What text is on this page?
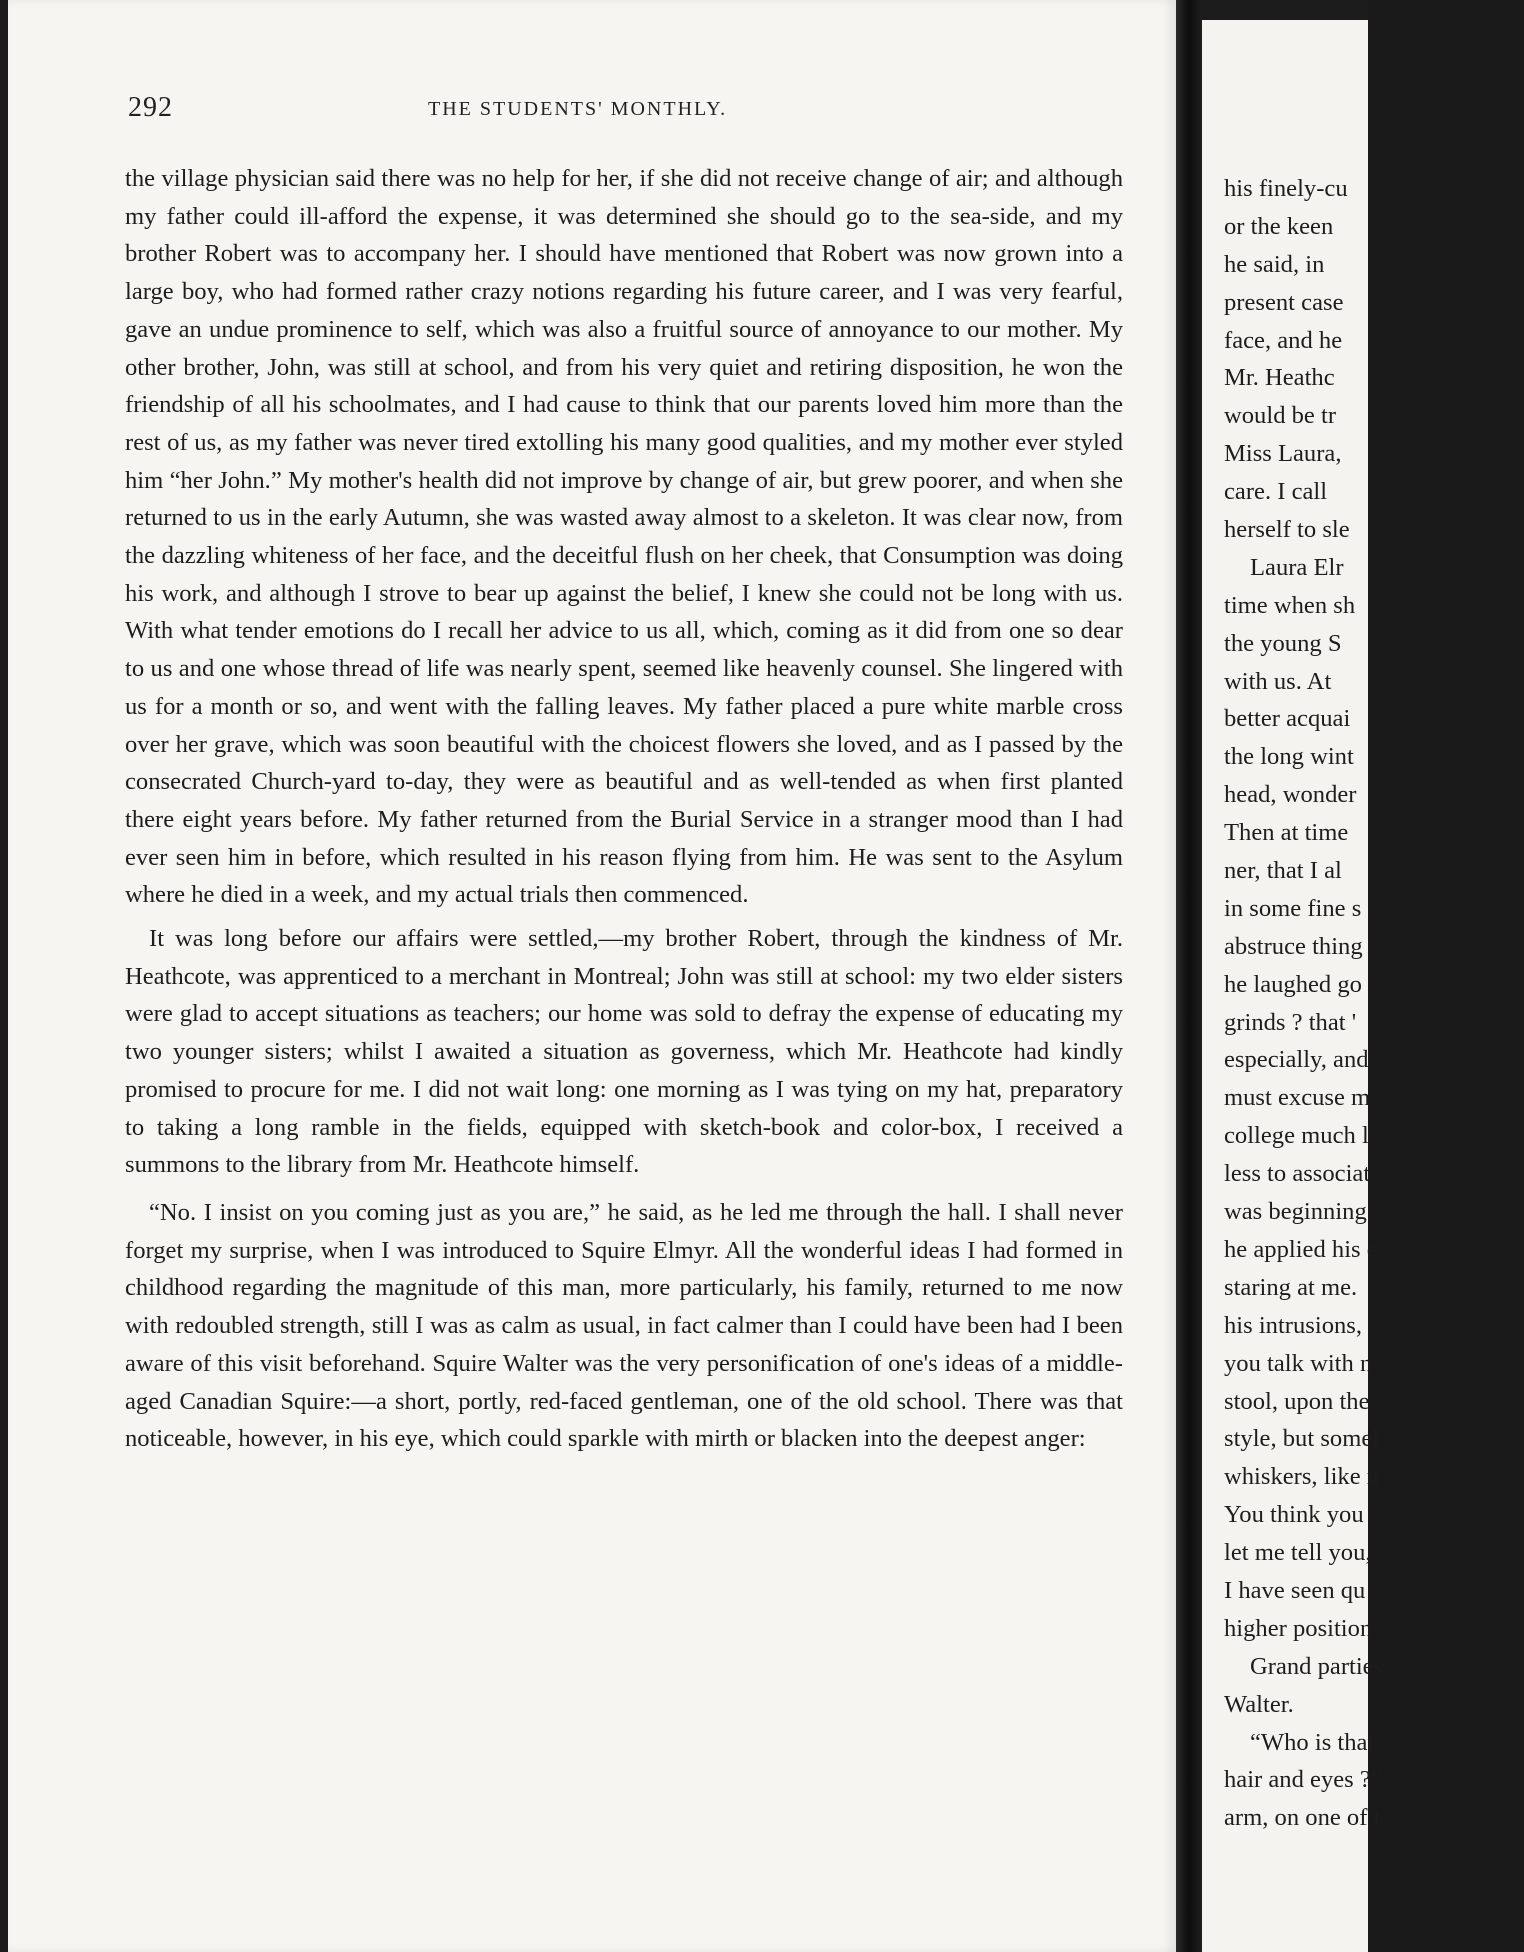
292	THE STUDENTS' MONTHLY.

the village physician said there was no help for her, if she did not receive change of air; and although my father could ill-afford the expense, it was determined she should go to the sea-side, and my brother Robert was to accompany her. I should have mentioned that Robert was now grown into a large boy, who had formed rather crazy notions regarding his future career, and I was very fearful, gave an undue prominence to self, which was also a fruitful source of annoyance to our mother. My other brother, John, was still at school, and from his very quiet and retiring disposition, he won the friendship of all his schoolmates, and I had cause to think that our parents loved him more than the rest of us, as my father was never tired extolling his many good qualities, and my mother ever styled him “her John.” My mother's health did not improve by change of air, but grew poorer, and when she returned to us in the early Autumn, she was wasted away almost to a skeleton. It was clear now, from the dazzling whiteness of her face, and the deceitful flush on her cheek, that Consumption was doing his work, and although I strove to bear up against the belief, I knew she could not be long with us. With what tender emotions do I recall her advice to us all, which, coming as it did from one so dear to us and one whose thread of life was nearly spent, seemed like heavenly counsel. She lingered with us for a month or so, and went with the falling leaves. My father placed a pure white marble cross over her grave, which was soon beautiful with the choicest flowers she loved, and as I passed by the consecrated Church-yard to-day, they were as beautiful and as well-tended as when first planted there eight years before. My father returned from the Burial Service in a stranger mood than I had ever seen him in before, which resulted in his reason flying from him. He was sent to the Asylum where he died in a week, and my actual trials then commenced.

It was long before our affairs were settled,—my brother Robert, through the kindness of Mr. Heathcote, was apprenticed to a merchant in Montreal; John was still at school: my two elder sisters were glad to accept situations as teachers; our home was sold to defray the expense of educating my two younger sisters; whilst I awaited a situation as governess, which Mr. Heathcote had kindly promised to procure for me. I did not wait long: one morning as I was tying on my hat, preparatory to taking a long ramble in the fields, equipped with sketch-book and color-box, I received a summons to the library from Mr. Heathcote himself.

“No. I insist on you coming just as you are,” he said, as he led me through the hall. I shall never forget my surprise, when I was introduced to Squire Elmyr. All the wonderful ideas I had formed in childhood regarding the magnitude of this man, more particularly, his family, returned to me now with redoubled strength, still I was as calm as usual, in fact calmer than I could have been had I been aware of this visit beforehand. Squire Walter was the very personification of one's ideas of a middle-aged Canadian Squire:—a short, portly, red-faced gentleman, one of the old school. There was that noticeable, however, in his eye, which could sparkle with mirth or blacken into the deepest anger:

his finely-cu
or the keen
he said, in
present case
face, and he
Mr. Heathc
would be tr
Miss Laura,
care. I call
herself to sle
Laura Elr
time when sh
the young S
with us. At
better acquai
the long wint
head, wonder
Then at time
ner, that I al
in some fine s
abstruce thing
he laughed go
grinds ? that '
especially, and
must excuse m
college much l
less to associat
was beginning
he applied his e
staring at me.
his intrusions,
you talk with n
stool, upon the
style, but somel
whiskers, like n
You think you
let me tell you,
I have seen qu
higher position
Grand parties
Walter.
“Who is that
hair and eyes ?”
arm, on one of t
